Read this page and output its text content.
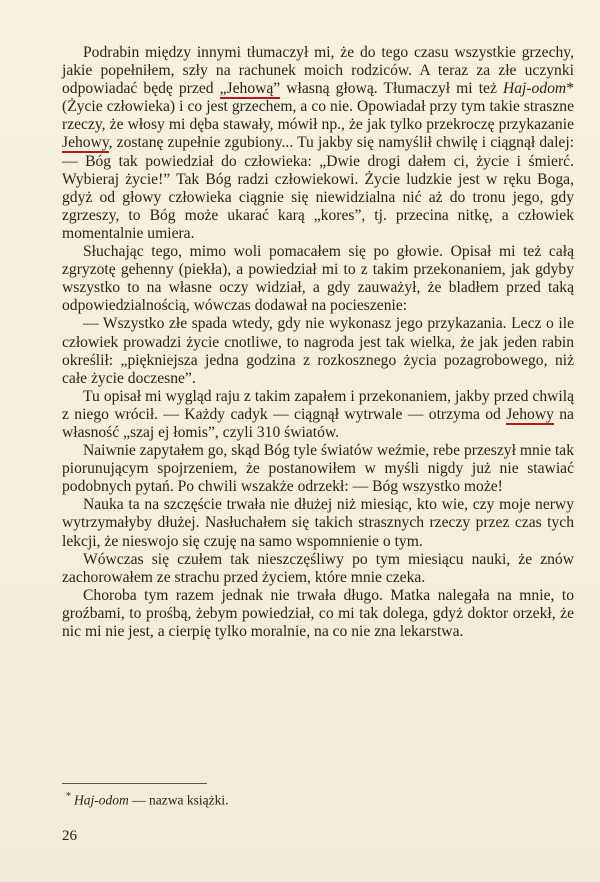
Podrabin między innymi tłumaczył mi, że do tego czasu wszystkie grzechy, jakie popełniłem, szły na rachunek moich rodziców. A teraz za złe uczynki odpowiadać będę przed „Jehową” własną głową. Tłumaczył mi też Haj-odom* (Życie człowieka) i co jest grzechem, a co nie. Opowiadał przy tym takie straszne rzeczy, że włosy mi dęba stawały, mówił np., że jak tylko przekroczę przykazanie Jehowy, zostanę zupełnie zgubiony... Tu jakby się namyślił chwilę i ciągnął dalej: — Bóg tak powiedział do człowieka: „Dwie drogi dałem ci, życie i śmierć. Wybieraj życie!” Tak Bóg radzi człowiekowi. Życie ludzkie jest w ręku Boga, gdyż od głowy człowieka ciągnie się niewidzialna nić aż do tronu jego, gdy zgrzeszy, to Bóg może ukarać karą „kores”, tj. przecina nitkę, a człowiek momentalnie umiera.

Słuchając tego, mimo woli pomacałem się po głowie. Opisał mi też całą zgryzotę gehenny (piekła), a powiedział mi to z takim przekonaniem, jak gdyby wszystko to na własne oczy widział, a gdy zauważył, że bladłem przed taką odpowiedzialnością, wówczas dodawał na pocieszenie:

— Wszystko złe spada wtedy, gdy nie wykonasz jego przykazania. Lecz o ile człowiek prowadzi życie cnotliwe, to nagroda jest tak wielka, że jak jeden rabin określił: „piękniejsza jedna godzina z rozkosznego życia pozagrobowego, niż całe życie doczesne”.

Tu opisał mi wygląd raju z takim zapałem i przekonaniem, jakby przed chwilą z niego wrócił. — Każdy cadyk — ciągnął wytrwale — otrzyma od Jehowy na własność „szaj ej łomis”, czyli 310 światów.

Naiwnie zapytałem go, skąd Bóg tyle światów weźmie, rebe przeszył mnie tak piorunującym spojrzeniem, że postanowiłem w myśli nigdy już nie stawiać podobnych pytań. Po chwili wszakże odrzekł: — Bóg wszystko może!

Nauka ta na szczęście trwała nie dłużej niż miesiąc, kto wie, czy moje nerwy wytrzymałyby dłużej. Nasłuchałem się takich strasznych rzeczy przez czas tych lekcji, że nieswojo się czuję na samo wspomnienie o tym.

Wówczas się czułem tak nieszczęśliwy po tym miesiącu nauki, że znów zachorowałem ze strachu przed życiem, które mnie czeka.

Choroba tym razem jednak nie trwała długo. Matka nalegała na mnie, to groźbami, to prośbą, żebym powiedział, co mi tak dolega, gdyż doktor orzekł, że nic mi nie jest, a cierpię tylko moralnie, na co nie zna lekarstwa.

* Haj-odom — nazwa książki.
26
